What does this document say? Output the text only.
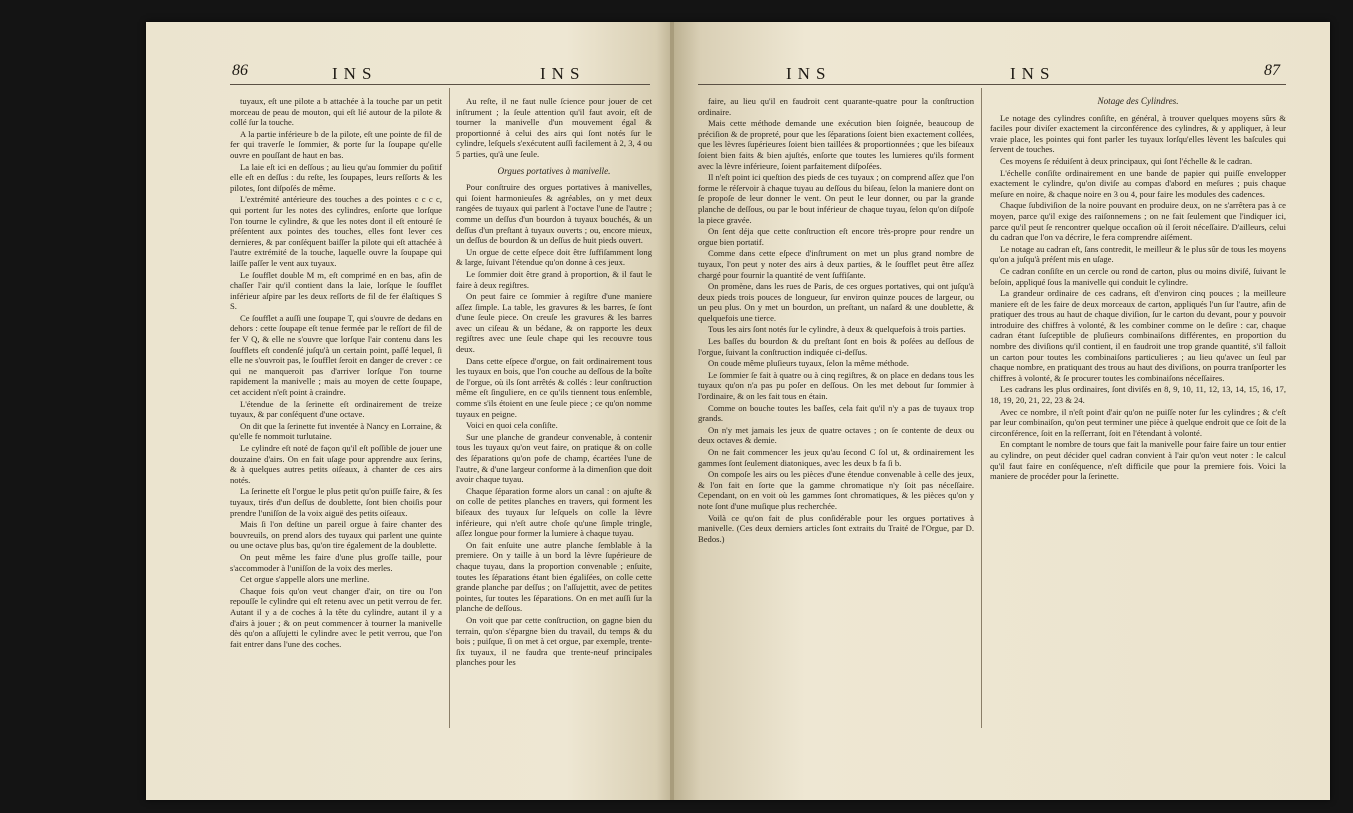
86	INS	INS

tuyaux, eſt une pilote a b attachée à la touche par un petit morceau de peau de mouton, qui eſt lié autour de la pilote & collé ſur la touche.

A la partie inférieure b de la pilote, eſt une pointe de fil de fer qui traverſe le ſommier, & porte ſur la ſoupape qu'elle ouvre en pouſſant de haut en bas.

La laie eſt ici en deſſous ; au lieu qu'au ſommier du poſitif elle eſt en deſſus : du reſte, les ſoupapes, leurs reſſorts & les pilotes, ſont diſpoſés de même.

L'extrémité antérieure des touches a des pointes c c c c, qui portent ſur les notes des cylindres, enſorte que lorſque l'on tourne le cylindre, & que les notes dont il eſt entouré ſe préſentent aux pointes des touches, elles font lever ces dernieres, & par conſéquent baiſſer la pilote qui eſt attachée à l'autre extrémité de la touche, laquelle ouvre la ſoupape qui laiſſe paſſer le vent aux tuyaux.

Le ſoufflet double M m, eſt comprimé en en bas, afin de chaſſer l'air qu'il contient dans la laie, lorſque le ſoufflet inférieur aſpire par les deux reſſorts de fil de fer élaſtiques S S.

Ce ſoufflet a auſſi une ſoupape T, qui s'ouvre de dedans en dehors : cette ſoupape eſt tenue fermée par le reſſort de fil de fer V Q, & elle ne s'ouvre que lorſque l'air contenu dans les ſoufflets eſt condenſé juſqu'à un certain point, paſſé lequel, ſi elle ne s'ouvroit pas, le ſoufflet ſeroit en danger de crever : ce qui ne manqueroit pas d'arriver lorſque l'on tourne rapidement la manivelle ; mais au moyen de cette ſoupape, cet accident n'eſt point à craindre.

L'étendue de la ſerinette eſt ordinairement de treize tuyaux, & par conſéquent d'une octave.

On dit que la ſerinette fut inventée à Nancy en Lorraine, & qu'elle fe nommoit turlutaine.

Le cylindre eſt noté de façon qu'il eſt poſſible de jouer une douzaine d'airs. On en fait uſage pour apprendre aux ſerins, & à quelques autres petits oiſeaux, à chanter de ces airs notés.

La ſerinette eſt l'orgue le plus petit qu'on puiſſe faire, & ſes tuyaux, tirés d'un deſſus de doublette, ſont bien choiſis pour prendre l'uniſſon de la voix aiguë des petits oiſeaux.

Mais ſi l'on deſtine un pareil orgue à faire chanter des bouvreuils, on prend alors des tuyaux qui parlent une quinte ou une octave plus bas, qu'on tire également de la doublette.

On peut même les faire d'une plus groſſe taille, pour s'accommoder à l'uniſſon de la voix des merles.

Cet orgue s'appelle alors une merline.

Chaque fois qu'on veut changer d'air, on tire ou l'on repouſſe le cylindre qui eſt retenu avec un petit verrou de fer. Autant il y a de coches à la tête du cylindre, autant il y a d'airs à jouer ; & on peut commencer à tourner la manivelle dès qu'on a aſſujetti le cylindre avec le petit verrou, que l'on fait entrer dans l'une des coches.

Au reſte, il ne faut nulle ſcience pour jouer de cet inſtrument ; la ſeule attention qu'il faut avoir, eſt de tourner la manivelle d'un mouvement égal & proportionné à celui des airs qui ſont notés ſur le cylindre, leſquels s'exécutent auſſi facilement à 2, 3, 4 ou 5 parties, qu'à une ſeule.

Orgues portatives à manivelle.

Pour conſtruire des orgues portatives à manivelles, qui ſoient harmonieuſes & agréables, on y met deux rangées de tuyaux qui parlent à l'octave l'une de l'autre ; comme un deſſus d'un bourdon à tuyaux bouchés, & un deſſus d'un preſtant à tuyaux ouverts ; ou, encore mieux, un deſſus de bourdon & un deſſus de huit pieds ouvert.

Un orgue de cette eſpece doit être ſuffiſamment long & large, ſuivant l'étendue qu'on donne à ces jeux.

Le ſommier doit être grand à proportion, & il faut le faire à deux regiſtres.

On peut faire ce ſommier à regiſtre d'une maniere aſſez ſimple. La table, les gravures & les barres, ſe ſont d'une ſeule piece. On creuſe les gravures & les barres avec un ciſeau & un bédane, & on rapporte les deux regiſtres avec une ſeule chape qui les recouvre tous deux.

Dans cette eſpece d'orgue, on fait ordinairement tous les tuyaux en bois, que l'on couche au deſſous de la boîte de l'orgue, où ils ſont arrêtés & collés : leur conſtruction même eſt ſinguliere, en ce qu'ils tiennent tous enſemble, comme s'ils étoient en une ſeule piece ; ce qu'on nomme tuyaux en peigne.

Voici en quoi cela conſiſte.

Sur une planche de grandeur convenable, à contenir tous les tuyaux qu'on veut faire, on pratique & on colle des ſéparations qu'on pofe de champ, écartées l'une de l'autre, & d'une largeur conforme à la dimenſion que doit avoir chaque tuyau.

Chaque ſéparation forme alors un canal : on ajuſte & on colle de petites planches en travers, qui forment les biſeaux des tuyaux ſur leſquels on colle la lèvre inférieure, qui n'eſt autre choſe qu'une ſimple tringle, aſſez longue pour former la lumiere à chaque tuyau.

On fait enſuite une autre planche ſemblable à la premiere. On y taille à un bord la lèvre ſupérieure de chaque tuyau, dans la proportion convenable ; enſuite, toutes les ſéparations étant bien égaliſées, on colle cette grande planche par deſſus ; on l'aſſujettit, avec de petites pointes, ſur toutes les ſéparations. On en met auſſi ſur la planche de deſſous.

On voit que par cette conſtruction, on gagne bien du terrain, qu'on s'épargne bien du travail, du temps & du bois ; puiſque, ſi on met à cet orgue, par exemple, trente-ſix tuyaux, il ne faudra que trente-neuf principales planches pour les

INS	INS	87

faire, au lieu qu'il en faudroit cent quarante-quatre pour la conſtruction ordinaire.

Mais cette méthode demande une exécution bien ſoignée, beaucoup de préciſion & de propreté, pour que les ſéparations ſoient bien exactement collées, que les lèvres ſupérieures ſoient bien taillées & proportionnées ; que les biſeaux ſoient bien faits & bien ajuſtés, enſorte que toutes les lumieres qu'ils forment avec la lèvre inférieure, ſoient parfaitement diſpoſées.

Il n'eſt point ici queſtion des pieds de ces tuyaux ; on comprend aſſez que l'on forme le réſervoir à chaque tuyau au deſſous du biſeau, ſelon la maniere dont on ſe propoſe de leur donner le vent. On peut le leur donner, ou par la grande planche de deſſous, ou par le bout inférieur de chaque tuyau, ſelon qu'on diſpoſe la piece gravée.

On ſent déja que cette conſtruction eſt encore très-propre pour rendre un orgue bien portatif.

Comme dans cette eſpece d'inſtrument on met un plus grand nombre de tuyaux, l'on peut y noter des airs à deux parties, & le ſoufflet peut être aſſez chargé pour fournir la quantité de vent ſuffiſante.

On promène, dans les rues de Paris, de ces orgues portatives, qui ont juſqu'à deux pieds trois pouces de longueur, ſur environ quinze pouces de largeur, ou un peu plus. On y met un bourdon, un preſtant, un naſard & une doublette, & quelquefois une tierce.

Tous les airs ſont notés ſur le cylindre, à deux & quelquefois à trois parties.

Les baſſes du bourdon & du preſtant ſont en bois & poſées au deſſous de l'orgue, ſuivant la conſtruction indiquée ci-deſſus.

On coude même pluſieurs tuyaux, ſelon la même méthode.

Le ſommier ſe fait à quatre ou à cinq regiſtres, & on place en dedans tous les tuyaux qu'on n'a pas pu poſer en deſſous. On les met debout ſur ſommier à l'ordinaire, & on les fait tous en étain.

Comme on bouche toutes les baſſes, cela fait qu'il n'y a pas de tuyaux trop grands.

On n'y met jamais les jeux de quatre octaves ; on ſe contente de deux ou deux octaves & demie.

On ne fait commencer les jeux qu'au ſecond C ſol ut, & ordinairement les gammes ſont ſeulement diatoniques, avec les deux b fa ſi b.

On compoſe les airs ou les pièces d'une étendue convenable à celle des jeux, & l'on fait en ſorte que la gamme chromatique n'y ſoit pas néceſſaire. Cependant, on en voit où les gammes ſont chromatiques, & les pièces qu'on y note ſont d'une muſique plus recherchée.

Voilà ce qu'on fait de plus conſidérable pour les orgues portatives à manivelle. (Ces deux derniers articles ſont extraits du Traité de l'Orgue, par D. Bedos.)

Notage des Cylindres.

Le notage des cylindres conſiſte, en général, à trouver quelques moyens sûrs & faciles pour diviſer exactement la circonférence des cylindres, & y appliquer, à leur vraie place, les pointes qui font parler les tuyaux lorſqu'elles lèvent les baſcules qui ſervent de touches.

Ces moyens ſe réduiſent à deux principaux, qui ſont l'échelle & le cadran.

L'échelle conſiſte ordinairement en une bande de papier qui puiſſe envelopper exactement le cylindre, qu'on diviſe au compas d'abord en meſures ; puis chaque meſure en noire, & chaque noire en 3 ou 4, pour faire les modules des cadences.

Chaque ſubdiviſion de la noire pouvant en produire deux, on ne s'arrêtera pas à ce moyen, parce qu'il exige des raiſonnemens ; on ne fait ſeulement que l'indiquer ici, parce qu'il peut ſe rencontrer quelque occaſion où il ſeroit néceſſaire. D'ailleurs, celui du cadran que l'on va décrire, le fera comprendre aiſément.

Le notage au cadran eſt, ſans contredit, le meilleur & le plus sûr de tous les moyens qu'on a juſqu'à préſent mis en uſage.

Ce cadran conſiſte en un cercle ou rond de carton, plus ou moins diviſé, ſuivant le beſoin, appliqué ſous la manivelle qui conduit le cylindre.

La grandeur ordinaire de ces cadrans, eſt d'environ cinq pouces ; la meilleure maniere eſt de les faire de deux morceaux de carton, appliqués l'un ſur l'autre, afin de pratiquer des trous au haut de chaque diviſion, ſur le carton du devant, pour y pouvoir introduire des chiffres à volonté, & les combiner comme on le deſire : car, chaque cadran étant ſuſceptible de pluſieurs combinaiſons différentes, en proportion du nombre des diviſions qu'il contient, il en faudroit une trop grande quantité, s'il falloit un carton pour toutes les combinaiſons particulieres ; au lieu qu'avec un ſeul par chaque nombre, en pratiquant des trous au haut des diviſions, on pourra tranſporter les chiffres à volonté, & ſe procurer toutes les combinaiſons néceſſaires.

Les cadrans les plus ordinaires, ſont diviſés en 8, 9, 10, 11, 12, 13, 14, 15, 16, 17, 18, 19, 20, 21, 22, 23 & 24.

Avec ce nombre, il n'eſt point d'air qu'on ne puiſſe noter ſur les cylindres ; & c'eſt par leur combinaiſon, qu'on peut terminer une pièce à quelque endroit que ce ſoit de la circonférence, ſoit en la reſſerrant, ſoit en l'étendant à volonté.

En comptant le nombre de tours que fait la manivelle pour faire faire un tour entier au cylindre, on peut décider quel cadran convient à l'air qu'on veut noter : le calcul qu'il faut faire en conſéquence, n'eſt difficile que pour la premiere fois. Voici la maniere de procéder pour la ſerinette.
